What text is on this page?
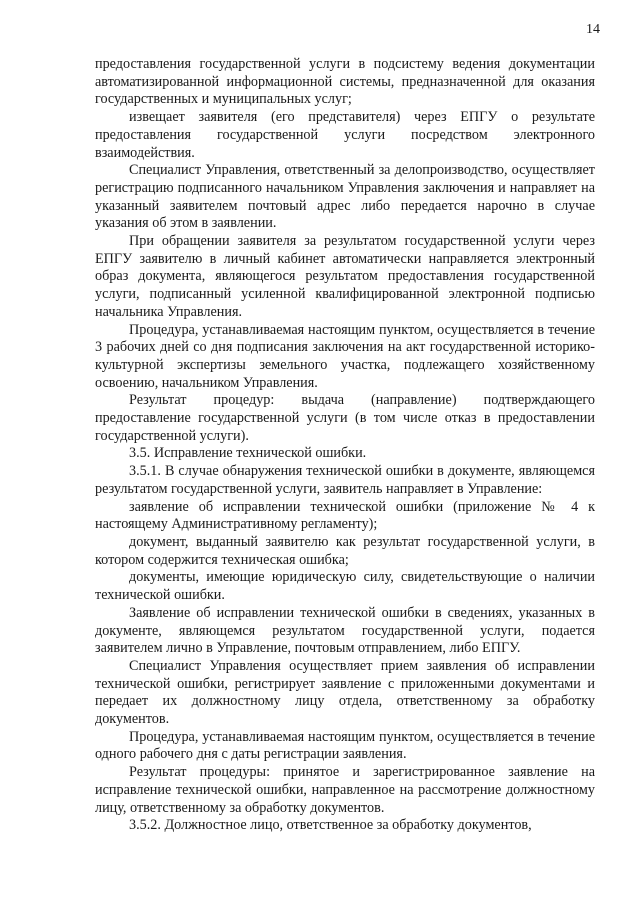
14

предоставления государственной услуги в подсистему ведения документации автоматизированной информационной системы, предназначенной для оказания государственных и муниципальных услуг;

извещает заявителя (его представителя) через ЕПГУ о результате предоставления государственной услуги посредством электронного взаимодействия.

Специалист Управления, ответственный за делопроизводство, осуществляет регистрацию подписанного начальником Управления заключения и направляет на указанный заявителем почтовый адрес либо передается нарочно в случае указания об этом в заявлении.

При обращении заявителя за результатом государственной услуги через ЕПГУ заявителю в личный кабинет автоматически направляется электронный образ документа, являющегося результатом предоставления государственной услуги, подписанный усиленной квалифицированной электронной подписью начальника Управления.

Процедура, устанавливаемая настоящим пунктом, осуществляется в течение 3 рабочих дней со дня подписания заключения на акт государственной историко-культурной экспертизы земельного участка, подлежащего хозяйственному освоению, начальником Управления.

Результат процедур: выдача (направление) подтверждающего предоставление государственной услуги (в том числе отказ в предоставлении государственной услуги).

3.5. Исправление технической ошибки.

3.5.1. В случае обнаружения технической ошибки в документе, являющемся результатом государственной услуги, заявитель направляет в Управление:

заявление об исправлении технической ошибки (приложение № 4 к настоящему Административному регламенту);

документ, выданный заявителю как результат государственной услуги, в котором содержится техническая ошибка;

документы, имеющие юридическую силу, свидетельствующие о наличии технической ошибки.

Заявление об исправлении технической ошибки в сведениях, указанных в документе, являющемся результатом государственной услуги, подается заявителем лично в Управление, почтовым отправлением, либо ЕПГУ.

Специалист Управления осуществляет прием заявления об исправлении технической ошибки, регистрирует заявление с приложенными документами и передает их должностному лицу отдела, ответственному за обработку документов.

Процедура, устанавливаемая настоящим пунктом, осуществляется в течение одного рабочего дня с даты регистрации заявления.

Результат процедуры: принятое и зарегистрированное заявление на исправление технической ошибки, направленное на рассмотрение должностному лицу, ответственному за обработку документов.

3.5.2. Должностное лицо, ответственное за обработку документов,
